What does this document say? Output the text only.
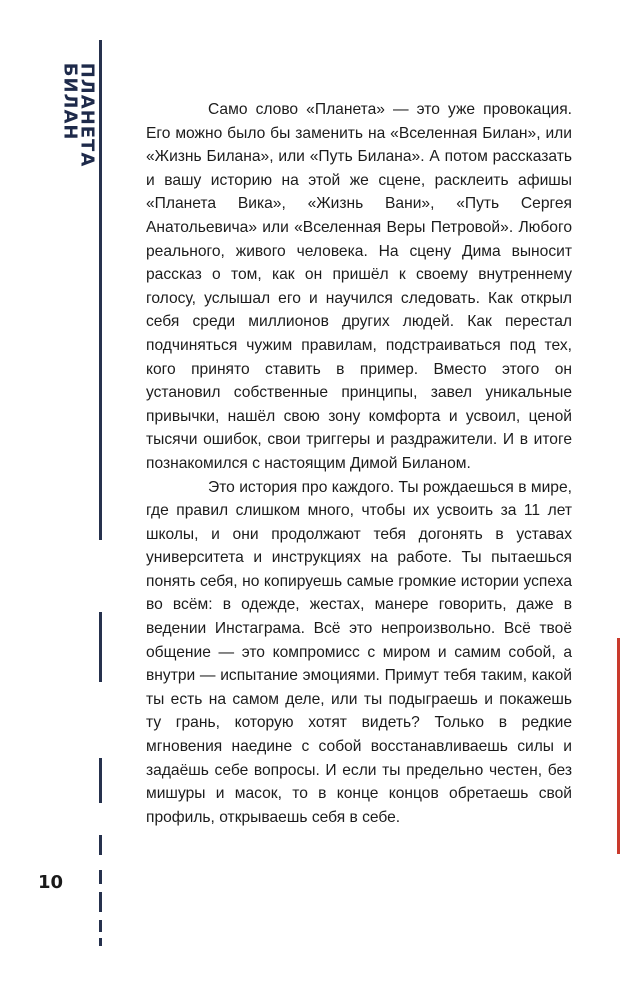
ПЛАНЕТА
БИЛАН
10

Само слово «Планета» — это уже провокация. Его можно было бы заменить на «Вселенная Билан», или «Жизнь Билана», или «Путь Билана». А потом рассказать и вашу историю на этой же сцене, расклеить афишы «Планета Вика», «Жизнь Вани», «Путь Сергея Анатольевича» или «Вселенная Веры Петровой». Любого реального, живого человека. На сцену Дима выносит рассказ о том, как он пришёл к своему внутреннему голосу, услышал его и научился следовать. Как открыл себя среди миллионов других людей. Как перестал подчиняться чужим правилам, подстраиваться под тех, кого принято ставить в пример. Вместо этого он установил собственные принципы, завел уникальные привычки, нашёл свою зону комфорта и усвоил, ценой тысячи ошибок, свои триггеры и раздражители. И в итоге познакомился с настоящим Димой Биланом.

Это история про каждого. Ты рождаешься в мире, где правил слишком много, чтобы их усвоить за 11 лет школы, и они продолжают тебя догонять в уставах университета и инструкциях на работе. Ты пытаешься понять себя, но копируешь самые громкие истории успеха во всём: в одежде, жестах, манере говорить, даже в ведении Инстаграма. Всё это непроизвольно. Всё твоё общение — это компромисс с миром и самим собой, а внутри — испытание эмоциями. Примут тебя таким, какой ты есть на самом деле, или ты подыграешь и покажешь ту грань, которую хотят видеть? Только в редкие мгновения наедине с собой восстанавливаешь силы и задаёшь себе вопросы. И если ты предельно честен, без мишуры и масок, то в конце концов обретаешь свой профиль, открываешь себя в себе.
